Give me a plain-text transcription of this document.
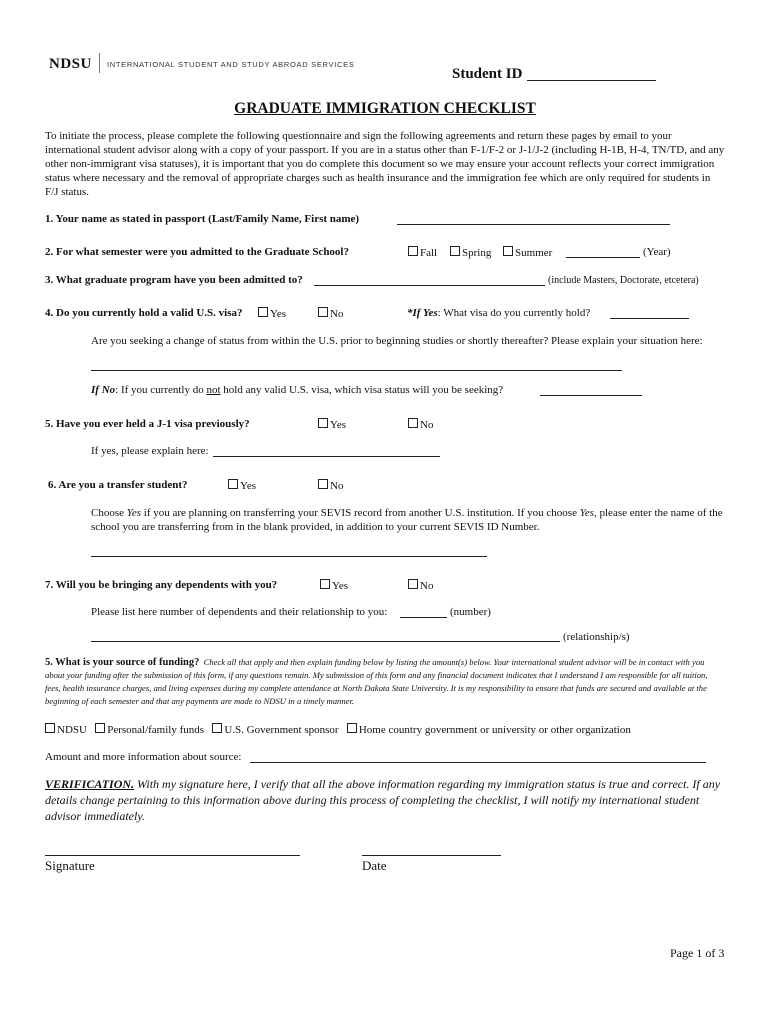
NDSU INTERNATIONAL STUDENT AND STUDY ABROAD SERVICES
Student ID
GRADUATE IMMIGRATION CHECKLIST
To initiate the process, please complete the following questionnaire and sign the following agreements and return these pages by email to your international student advisor along with a copy of your passport. If you are in a status other than F-1/F-2 or J-1/J-2 (including H-1B, H-4, TN/TD, and any other non-immigrant visa statuses), it is important that you do complete this document so we may ensure your account reflects your correct immigration status where necessary and the removal of appropriate charges such as health insurance and the immigration fee which are only required for students in F/J status.
1. Your name as stated in passport (Last/Family Name, First name)
2. For what semester were you admitted to the Graduate School?	Fall	Spring	Summer	(Year)
3. What graduate program have you been admitted to?	(include Masters, Doctorate, etcetera)
4. Do you currently hold a valid U.S. visa?	Yes	No	*If Yes: What visa do you currently hold?
Are you seeking a change of status from within the U.S. prior to beginning studies or shortly thereafter? Please explain your situation here:
If No: If you currently do not hold any valid U.S. visa, which visa status will you be seeking?
5. Have you ever held a J-1 visa previously?	Yes	No
If yes, please explain here:
6. Are you a transfer student?	Yes	No
Choose Yes if you are planning on transferring your SEVIS record from another U.S. institution. If you choose Yes, please enter the name of the school you are transferring from in the blank provided, in addition to your current SEVIS ID Number.
7. Will you be bringing any dependents with you?	Yes	No
Please list here number of dependents and their relationship to you:	(number)
(relationship/s)
5. What is your source of funding? Check all that apply and then explain funding below by listing the amount(s) below. Your international student advisor will be in contact with you about your funding after the submission of this form, if any questions remain. My submission of this form and any financial document indicates that I understand I am responsible for all tuition, fees, health insurance charges, and living expenses during my complete attendance at North Dakota State University. It is my responsibility to ensure that funds are secured and available at the beginning of each semester and that any payments are made to NDSU in a timely manner.
NDSU Personal/family funds U.S. Government sponsor Home country government or university or other organization
Amount and more information about source:
VERIFICATION. With my signature here, I verify that all the above information regarding my immigration status is true and correct. If any details change pertaining to this information above during this process of completing the checklist, I will notify my international student advisor immediately.
Signature	Date
Page 1 of 3
